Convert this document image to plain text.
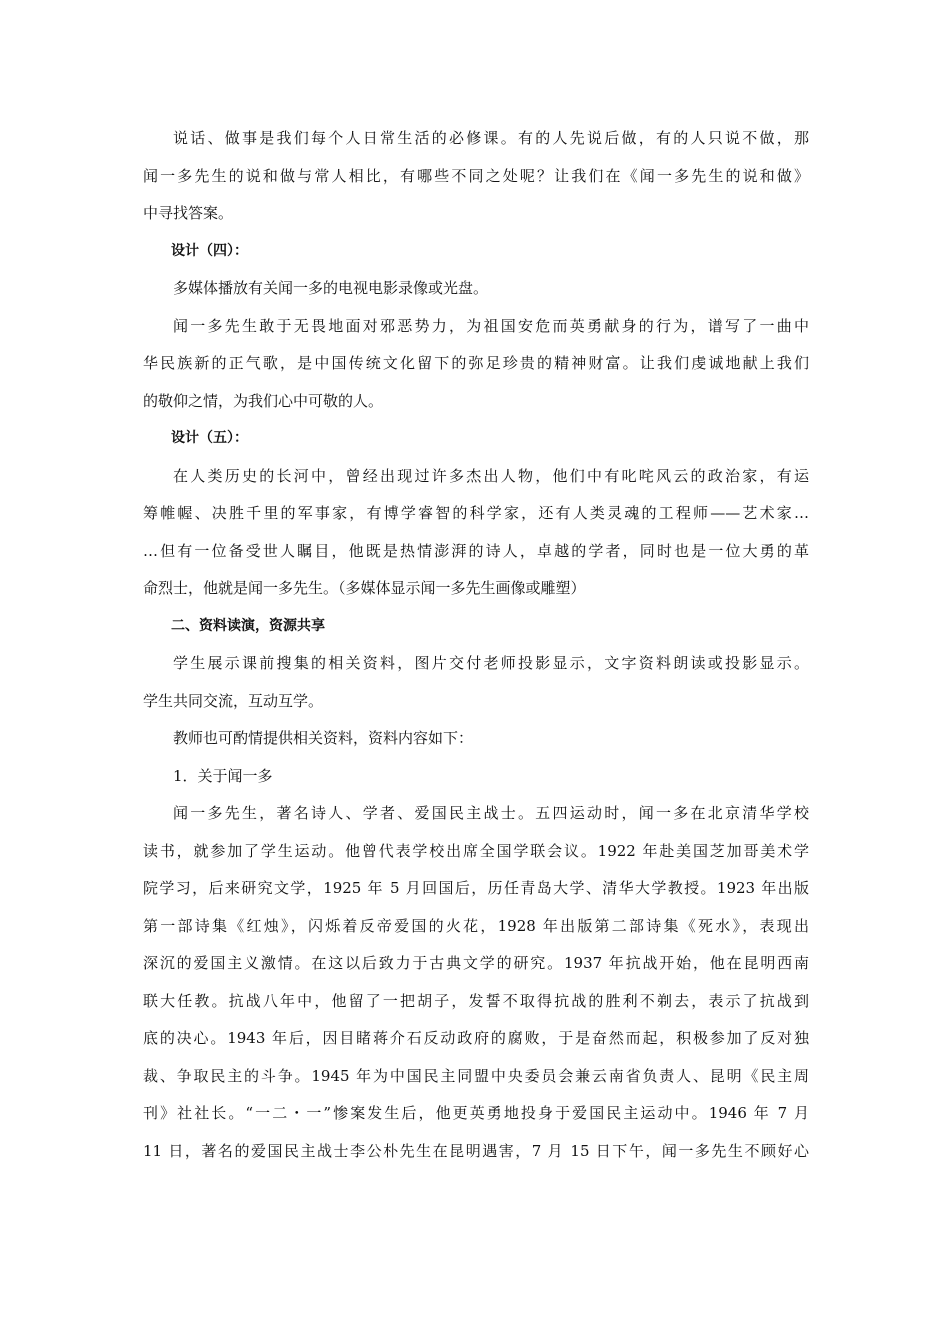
说话、做事是我们每个人日常生活的必修课。有的人先说后做，有的人只说不做，那
闻一多先生的说和做与常人相比，有哪些不同之处呢？让我们在《闻一多先生的说和做》
中寻找答案。

设计（四）：

多媒体播放有关闻一多的电视电影录像或光盘。

闻一多先生敢于无畏地面对邪恶势力，为祖国安危而英勇献身的行为，谱写了一曲中
华民族新的正气歌，是中国传统文化留下的弥足珍贵的精神财富。让我们虔诚地献上我们
的敬仰之情，为我们心中可敬的人。

设计（五）：

在人类历史的长河中，曾经出现过许多杰出人物，他们中有叱咤风云的政治家，有运
筹帷幄、决胜千里的军事家，有博学睿智的科学家，还有人类灵魂的工程师——艺术家…
…但有一位备受世人瞩目，他既是热情澎湃的诗人，卓越的学者，同时也是一位大勇的革
命烈士，他就是闻一多先生。（多媒体显示闻一多先生画像或雕塑）

二、资料读演，资源共享

学生展示课前搜集的相关资料，图片交付老师投影显示，文字资料朗读或投影显示。
学生共同交流，互动互学。

教师也可酌情提供相关资料，资料内容如下：

1．关于闻一多

闻一多先生，著名诗人、学者、爱国民主战士。五四运动时，闻一多在北京清华学校
读书，就参加了学生运动。他曾代表学校出席全国学联会议。1922 年赴美国芝加哥美术学
院学习，后来研究文学，1925 年 5 月回国后，历任青岛大学、清华大学教授。1923 年出版
第一部诗集《红烛》，闪烁着反帝爱国的火花，1928 年出版第二部诗集《死水》，表现出
深沉的爱国主义激情。在这以后致力于古典文学的研究。1937 年抗战开始，他在昆明西南
联大任教。抗战八年中，他留了一把胡子，发誓不取得抗战的胜利不剃去，表示了抗战到
底的决心。1943 年后，因目睹蒋介石反动政府的腐败，于是奋然而起，积极参加了反对独
裁、争取民主的斗争。1945 年为中国民主同盟中央委员会兼云南省负责人、昆明《民主周
刊》社社长。“一二・一”惨案发生后，他更英勇地投身于爱国民主运动中。1946 年 7 月
11 日，著名的爱国民主战士李公朴先生在昆明遇害，7 月 15 日下午，闻一多先生不顾好心
